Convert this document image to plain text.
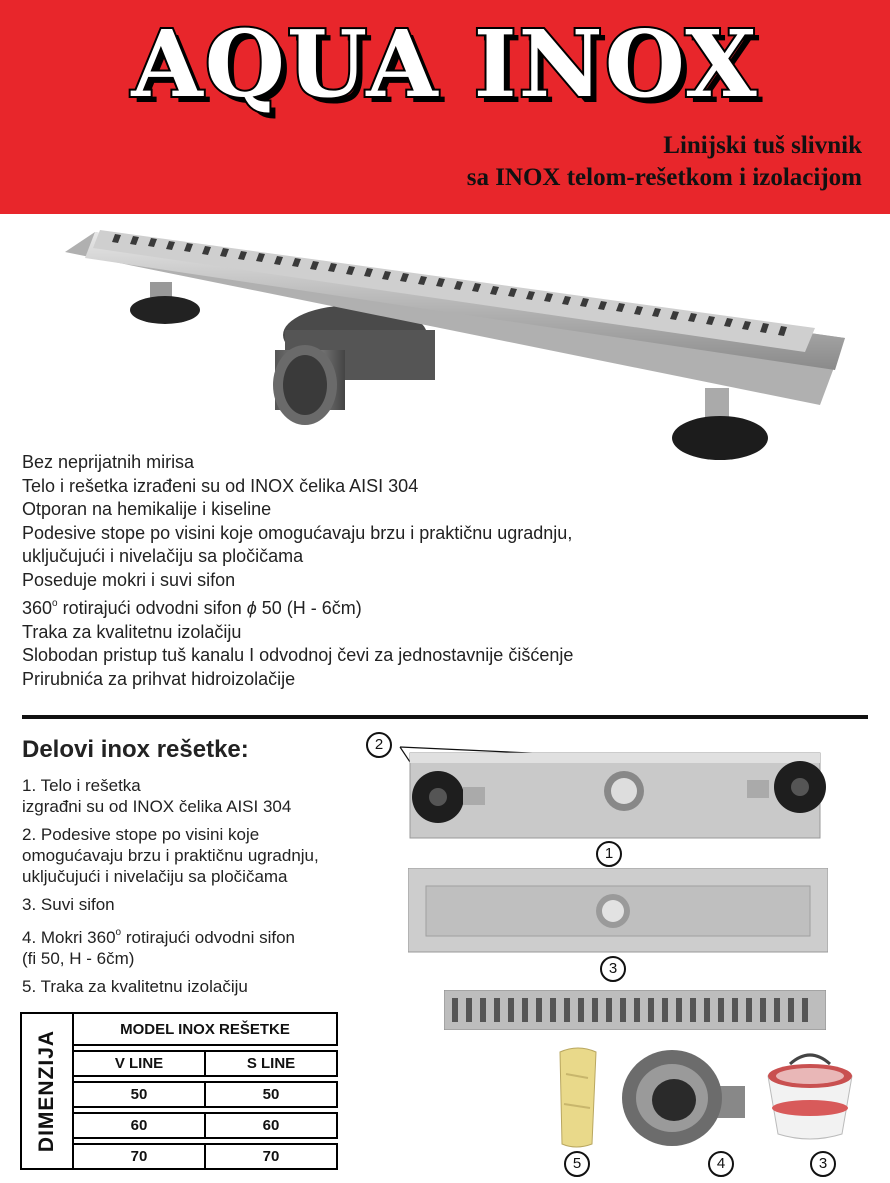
AQUA INOX
Linijski tuš slivnik
sa INOX telom-rešetkom i izolacijom
Bez neprijatnih mirisa
Telo i rešetka izrađeni su od INOX čelika AISI 304
Otporan na hemikalije i kiseline
Podesive stope po visini koje omogućavaju brzu i praktičnu ugradnju,
uključujući i nivelačiju sa pločičama
Poseduje mokri i suvi sifon
360$^o$ rotirajući odvodni sifon ϕ 50 (H - 6čm)
Traka za kvalitetnu izolačiju
Slobodan pristup tuš kanalu I odvodnoj čevi za jednostavnije čišćenje
Prirubnića za prihvat hidroizolačije
Delovi inox rešetke:
1. Telo i rešetka
izgrađni su od INOX čelika AISI 304
2. Podesive stope po visini koje
omogućavaju brzu i praktičnu ugradnju,
uključujući i nivelačiju sa pločičama
3. Suvi sifon
4. Mokri 360$^o$ rotirajući odvodni sifon
(fi 50, H - 6čm)
5. Traka za kvalitetnu izolačiju
DIMENZIJA	MODEL INOX REŠETKE	

	V LINE	S LINE

	50	50

	60	60

	70	70
2
1
3
5	4	3
